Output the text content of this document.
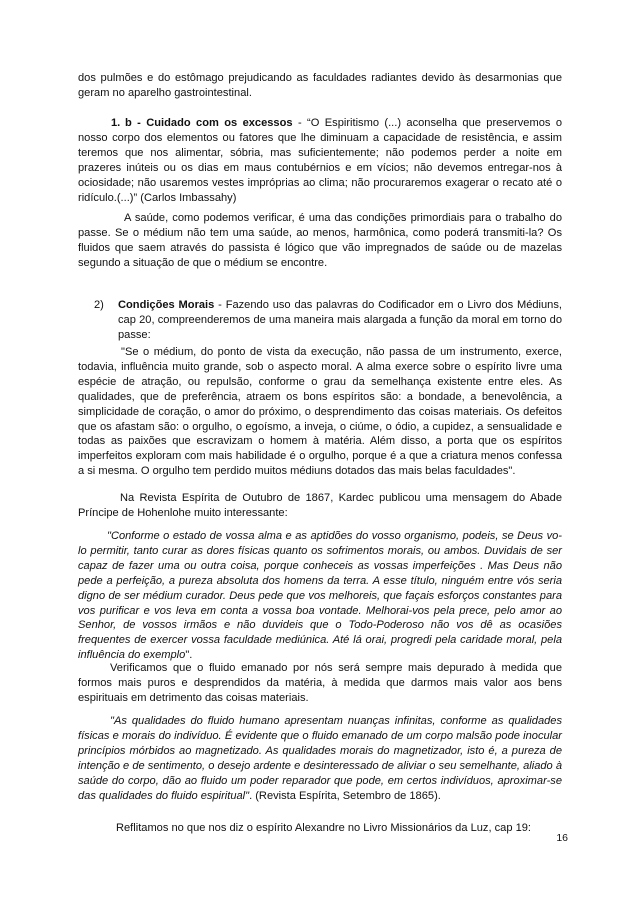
dos pulmões e do estômago prejudicando as faculdades radiantes devido às desarmonias que geram no aparelho gastrointestinal.

1. b - Cuidado com os excessos - “O Espiritismo (...) aconselha que preservemos o nosso corpo dos elementos ou fatores que lhe diminuam a capacidade de resistência, e assim teremos que nos alimentar, sóbria, mas suficientemente; não podemos perder a noite em prazeres inúteis ou os dias em maus contubérnios e em vícios; não devemos entregar-nos à ociosidade; não usaremos vestes impróprias ao clima; não procuraremos exagerar o recato até o ridículo.(...)” (Carlos Imbassahy)

A saúde, como podemos verificar, é uma das condições primordiais para o trabalho do passe. Se o médium não tem uma saúde, ao menos, harmônica, como poderá transmiti-la? Os fluidos que saem através do passista é lógico que vão impregnados de saúde ou de mazelas segundo a situação de que o médium se encontre.

2) Condições Morais - Fazendo uso das palavras do Codificador em o Livro dos Médiuns, cap 20, compreenderemos de uma maneira mais alargada a função da moral em torno do passe:

"Se o médium, do ponto de vista da execução, não passa de um instrumento, exerce, todavia, influência muito grande, sob o aspecto moral. A alma exerce sobre o espírito livre uma espécie de atração, ou repulsão, conforme o grau da semelhança existente entre eles. As qualidades, que de preferência, atraem os bons espíritos são: a bondade, a benevolência, a simplicidade de coração, o amor do próximo, o desprendimento das coisas materiais. Os defeitos que os afastam são: o orgulho, o egoísmo, a inveja, o ciúme, o ódio, a cupidez, a sensualidade e todas as paixões que escravizam o homem à matéria. Além disso, a porta que os espíritos imperfeitos exploram com mais habilidade é o orgulho, porque é a que a criatura menos confessa a si mesma. O orgulho tem perdido muitos médiuns dotados das mais belas faculdades".

Na Revista Espírita de Outubro de 1867, Kardec publicou uma mensagem do Abade Príncipe de Hohenlohe muito interessante:

"Conforme o estado de vossa alma e as aptidões do vosso organismo, podeis, se Deus vo-lo permitir, tanto curar as dores físicas quanto os sofrimentos morais, ou ambos. Duvidais de ser capaz de fazer uma ou outra coisa, porque conheceis as vossas imperfeições . Mas Deus não pede a perfeição, a pureza absoluta dos homens da terra. A esse título, ninguém entre vós seria digno de ser médium curador. Deus pede que vos melhoreis, que façais esforços constantes para vos purificar e vos leva em conta a vossa boa vontade. Melhorai-vos pela prece, pelo amor ao Senhor, de vossos irmãos e não duvideis que o Todo-Poderoso não vos dê as ocasiões frequentes de exercer vossa faculdade mediúnica. Até lá orai, progredi pela caridade moral, pela influência do exemplo".

Verificamos que o fluido emanado por nós será sempre mais depurado à medida que formos mais puros e desprendidos da matéria, à medida que darmos mais valor aos bens espirituais em detrimento das coisas materiais.

"As qualidades do fluido humano apresentam nuanças infinitas, conforme as qualidades físicas e morais do indivíduo. É evidente que o fluido emanado de um corpo malsão pode inocular princípios mórbidos ao magnetizado. As qualidades morais do magnetizador, isto é, a pureza de intenção e de sentimento, o desejo ardente e desinteressado de aliviar o seu semelhante, aliado à saúde do corpo, dão ao fluido um poder reparador que pode, em certos indivíduos, aproximar-se das qualidades do fluido espiritual". (Revista Espírita, Setembro de 1865).

Reflitamos no que nos diz o espírito Alexandre no Livro Missionários da Luz, cap 19:

16
